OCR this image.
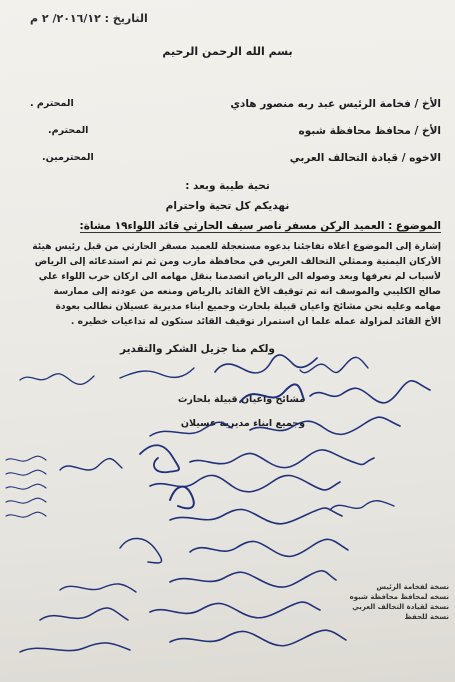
التاريخ : ٢٠١٦/١٢/ ٢ م
بسم الله الرحمن الرحيم
الأخ / فخامة الرئيس عبد ربه منصور هادي
المحترم .
الأخ / محافظ محافظة شبوه
المحترم.
الاخوه / قيادة التحالف العربي
المحترمين.
تحية طيبة وبعد :
نهديكم كل تحية واحترام
الموضوع : العميد الركن مسفر ناصر سيف الحارثي قائد اللواء١٩ مشاة:
إشارة إلى الموضوع أعلاه تفاجئنا بدعوه مستعجلة للعميد مسفر الحارثي من قبل رئيس هيئة
الأركان اليمنية وممثلي التحالف العربي في محافظة مارب ومن ثم تم استدعائه إلى الرياض
لأسباب لم نعرفها وبعد وصوله الى الرياض اتصدمنا بنقل مهامه الى اركان حرب اللواء علي
صالح الكليبي والموسف انه تم توقيف الأخ القائد بالرياض ومنعه من عودته إلى ممارسة
مهامه وعليه نحن مشائخ واعيان قبيلة بلحارث وجميع أبناء مديرية عسيلان نطالب بعودة
الأخ القائد لمزاولة عمله علما ان استمرار توقيف القائد ستكون له تداعيات خطيره .
ولكم منا جزيل الشكر والتقدير
مشائخ واعيان قبيلة بلحارث
وجميع ابناء مديرية عسيلان
نسخة لفخامة الرئيس
نسخه لمحافظ محافظة شبوه
نسخة لقيادة التحالف العربي
نسخة للحفظ
